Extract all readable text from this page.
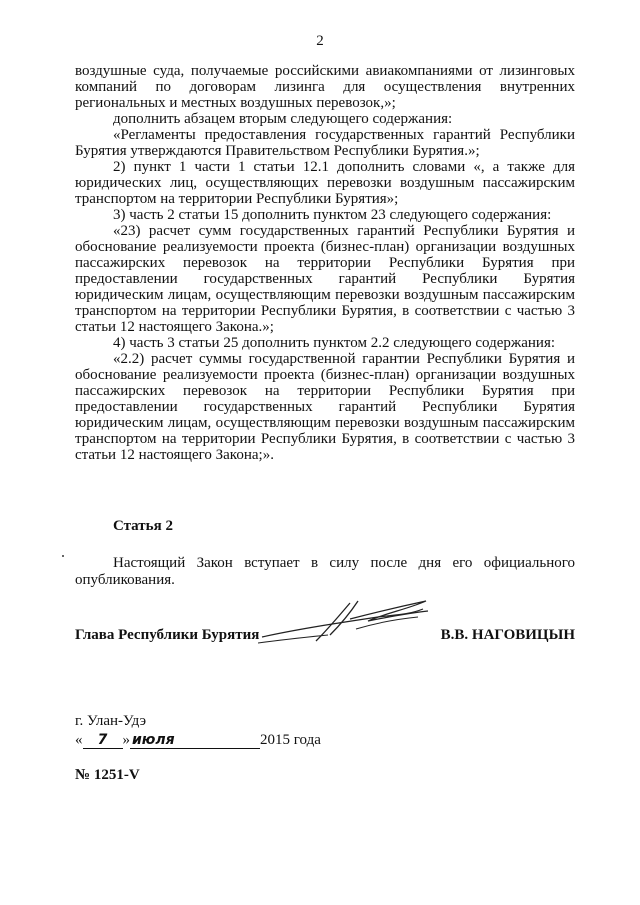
2

воздушные суда, получаемые российскими авиакомпаниями от лизинговых компаний по договорам лизинга для осуществления внутренних региональных и местных воздушных перевозок,»;

дополнить абзацем вторым следующего содержания:

«Регламенты предоставления государственных гарантий Республики Бурятия утверждаются Правительством Республики Бурятия.»;

2) пункт 1 части 1 статьи 12.1 дополнить словами «, а также для юридических лиц, осуществляющих перевозки воздушным пассажирским транспортом на территории Республики Бурятия»;

3) часть 2 статьи 15 дополнить пунктом 23 следующего содержания:

«23) расчет сумм государственных гарантий Республики Бурятия и обоснование реализуемости проекта (бизнес-план) организации воздушных пассажирских перевозок на территории Республики Бурятия при предоставлении государственных гарантий Республики Бурятия юридическим лицам, осуществляющим перевозки воздушным пассажирским транспортом на территории Республики Бурятия, в соответствии с частью 3 статьи 12 настоящего Закона.»;

4) часть 3 статьи 25 дополнить пунктом 2.2 следующего содержания:

«2.2) расчет суммы государственной гарантии Республики Бурятия и обоснование реализуемости проекта (бизнес-план) организации воздушных пассажирских перевозок на территории Республики Бурятия при предоставлении государственных гарантий Республики Бурятия юридическим лицам, осуществляющим перевозки воздушным пассажирским транспортом на территории Республики Бурятия, в соответствии с частью 3 статьи 12 настоящего Закона;».

Статья 2

Настоящий Закон вступает в силу после дня его официального опубликования.

Глава Республики Бурятия	В.В. НАГОВИЦЫН
г. Улан-Удэ
« 7 » июля	2015 года
№ 1251-V
